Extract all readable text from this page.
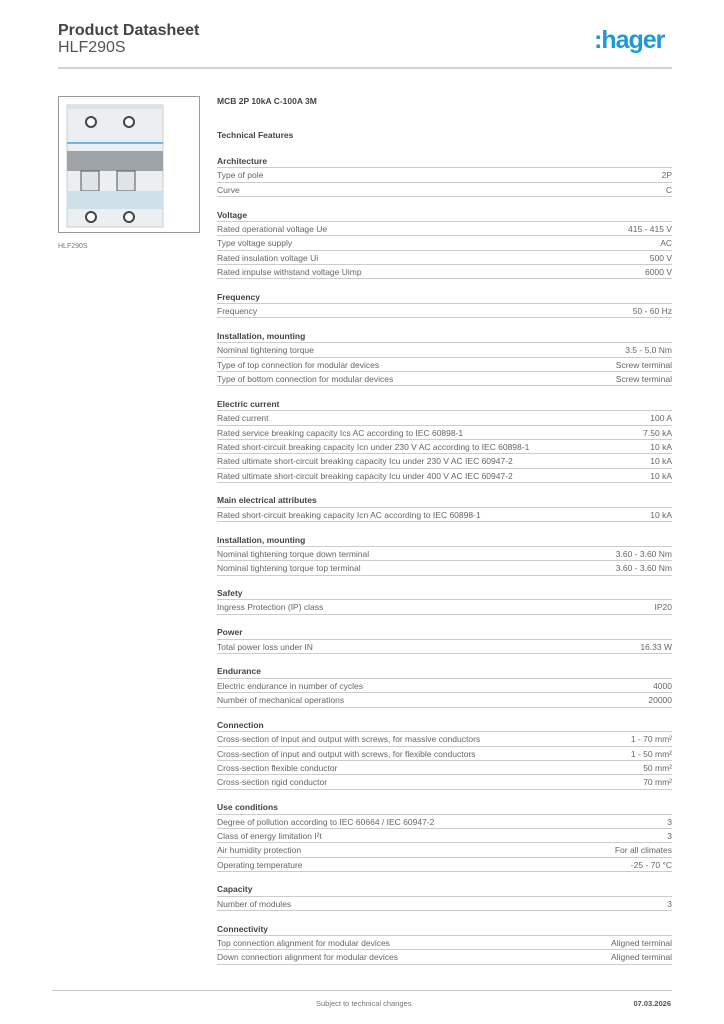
Product Datasheet
HLF290S	:hager
HLF290S
MCB 2P 10kA C-100A 3M
Technical Features
Architecture
Type of pole	2P
Curve	C
Voltage
Rated operational voltage Ue	415 - 415 V
Type voltage supply	AC
Rated insulation voltage Ui	500 V
Rated impulse withstand voltage Uimp	6000 V
Frequency
Frequency	50 - 60 Hz
Installation, mounting
Nominal tightening torque	3.5 - 5.0 Nm
Type of top connection for modular devices	Screw terminal
Type of bottom connection for modular devices	Screw terminal
Electric current
Rated current	100 A
Rated service breaking capacity Ics AC according to IEC 60898-1	7.50 kA
Rated short-circuit breaking capacity Icn under 230 V AC according to IEC 60898-1	10 kA
Rated ultimate short-circuit breaking capacity Icu under 230 V AC IEC 60947-2	10 kA
Rated ultimate short-circuit breaking capacity Icu under 400 V AC IEC 60947-2	10 kA
Main electrical attributes
Rated short-circuit breaking capacity Icn AC according to IEC 60898-1	10 kA
Installation, mounting
Nominal tightening torque down terminal	3.60 - 3.60 Nm
Nominal tightening torque top terminal	3.60 - 3.60 Nm
Safety
Ingress Protection (IP) class	IP20
Power
Total power loss under IN	16.33 W
Endurance
Electric endurance in number of cycles	4000
Number of mechanical operations	20000
Connection
Cross-section of input and output with screws, for massive conductors	1 - 70 mm²
Cross-section of input and output with screws, for flexible conductors	1 - 50 mm²
Cross-section flexible conductor	50 mm²
Cross-section rigid conductor	70 mm²
Use conditions
Degree of pollution according to IEC 60664 / IEC 60947-2	3
Class of energy limitation I²t	3
Air humidity protection	For all climates
Operating temperature	-25 - 70 °C
Capacity
Number of modules	3
Connectivity
Top connection alignment for modular devices	Aligned terminal
Down connection alignment for modular devices	Aligned terminal
Subject to technical changes	07.03.2026
